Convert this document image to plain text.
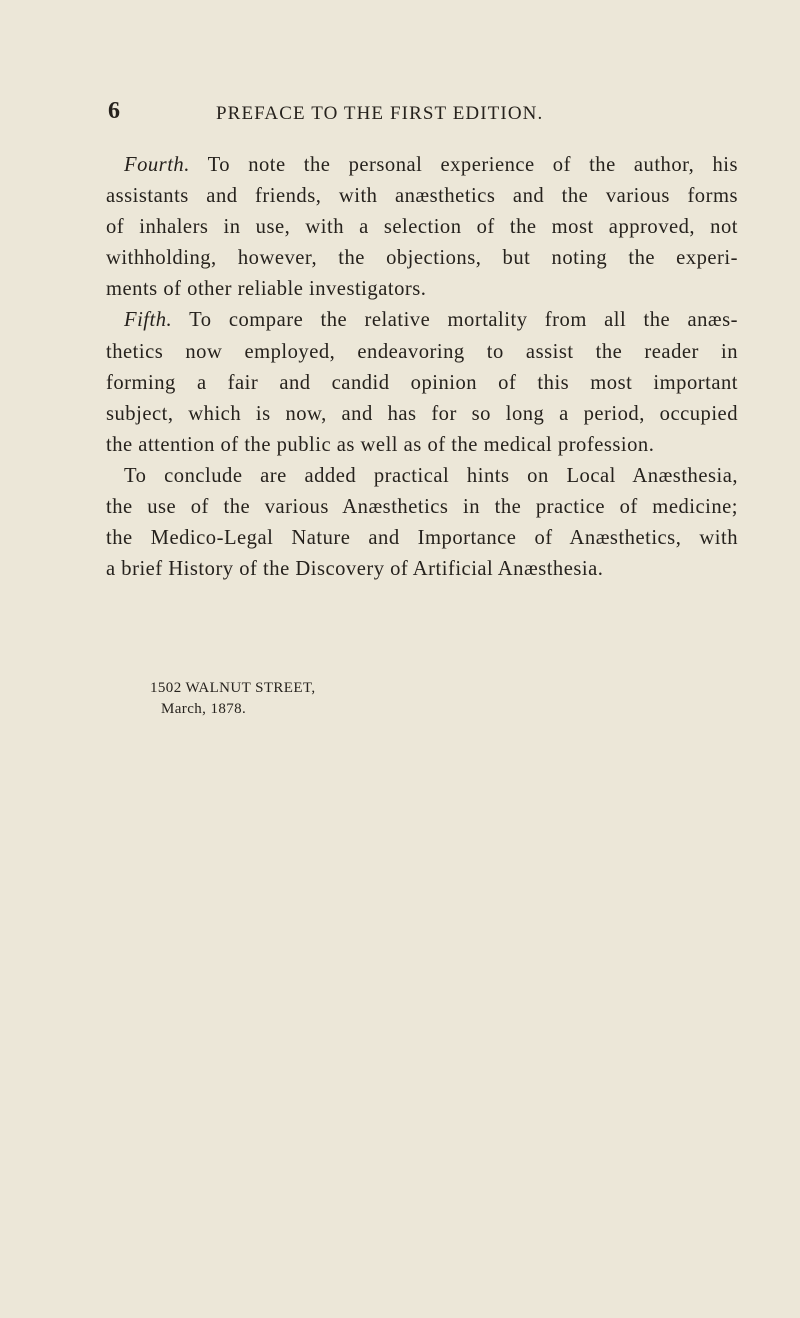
6	PREFACE TO THE FIRST EDITION.
Fourth. To note the personal experience of the author, his
assistants and friends, with anæsthetics and the various forms
of inhalers in use, with a selection of the most approved, not
withholding, however, the objections, but noting the experi-
ments of other reliable investigators.
Fifth. To compare the relative mortality from all the anæs-
thetics now employed, endeavoring to assist the reader in
forming a fair and candid opinion of this most important
subject, which is now, and has for so long a period, occupied
the attention of the public as well as of the medical profession.
To conclude are added practical hints on Local Anæsthesia,
the use of the various Anæsthetics in the practice of medicine;
the Medico-Legal Nature and Importance of Anæsthetics, with
a brief History of the Discovery of Artificial Anæsthesia.
1502 WALNUT STREET,
March, 1878.
